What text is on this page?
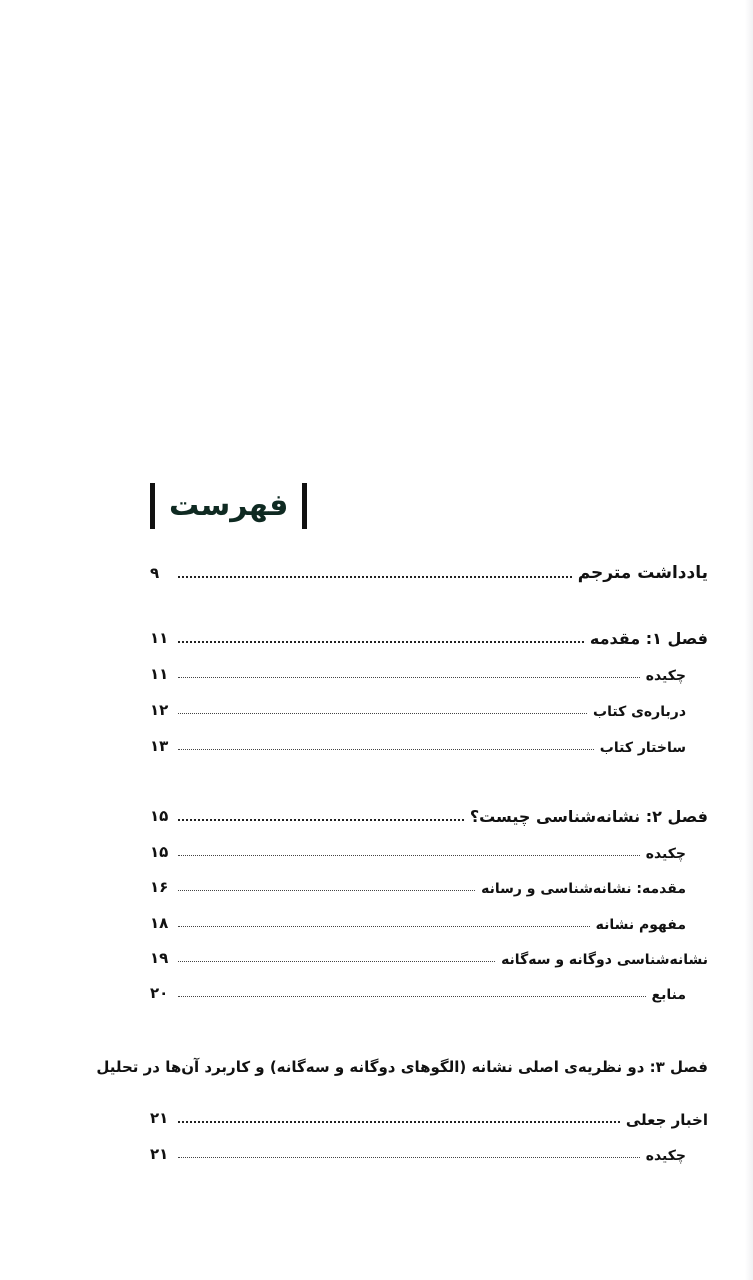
فهرست
۹	یادداشت مترجم
۱۱	فصل ۱: مقدمه
۱۱	چکیده
۱۲	درباره‌ی کتاب
۱۳	ساختار کتاب
۱۵	فصل ۲: نشانه‌شناسی چیست؟
۱۵	چکیده
۱۶	مقدمه: نشانه‌شناسی و رسانه
۱۸	مفهوم نشانه
۱۹	نشانه‌شناسی دوگانه و سه‌گانه
۲۰	منابع
۲۱	اخبار جعلی
۲۱	چکیده
فصل ۳: دو نظریه‌ی اصلی نشانه (الگوهای دوگانه و سه‌گانه) و کاربرد آن‌ها در تحلیل
